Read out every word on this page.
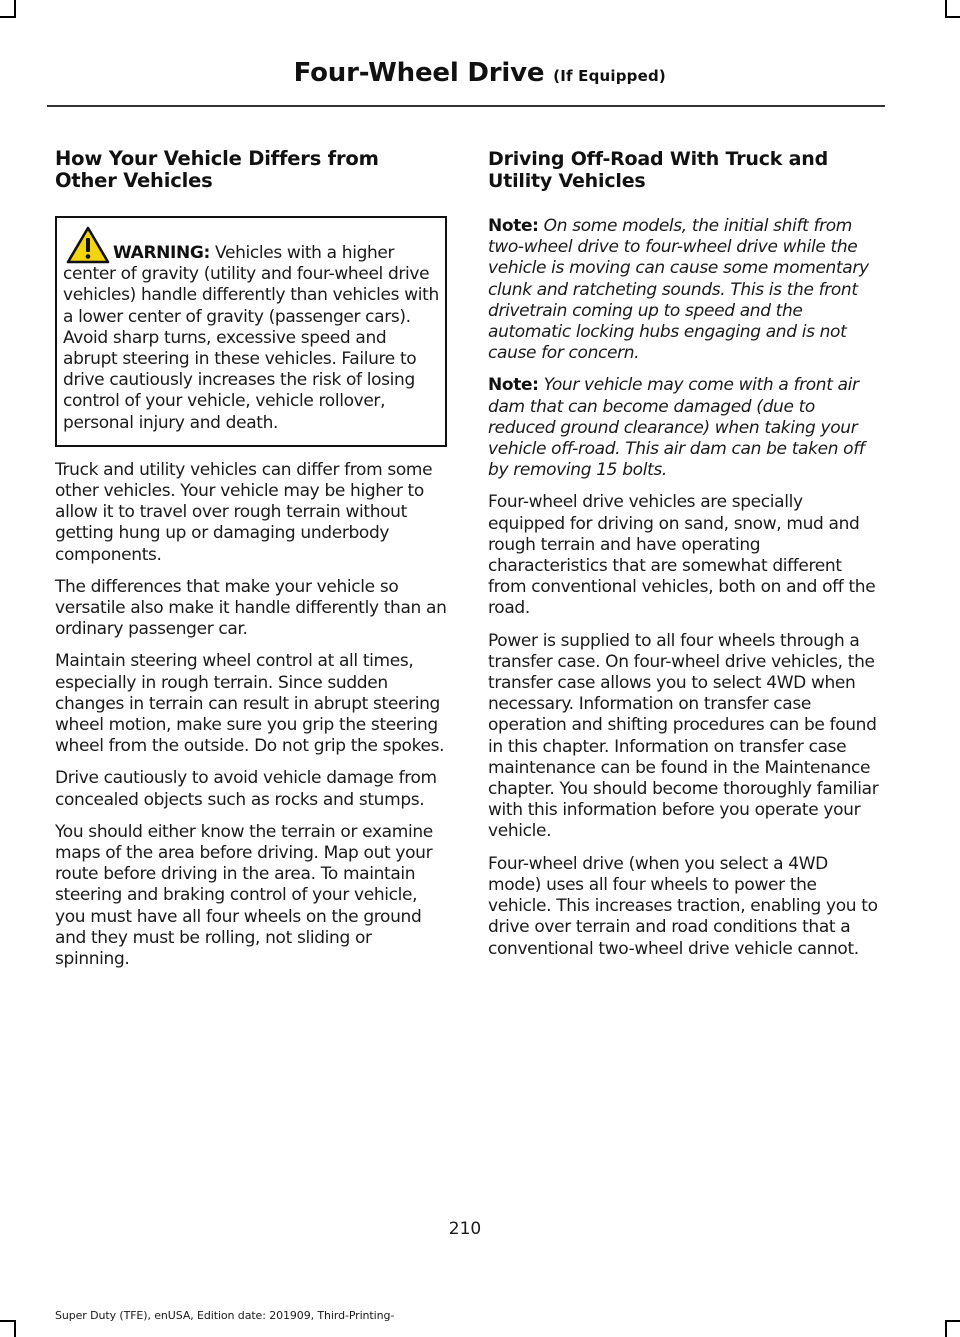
Four-Wheel Drive (If Equipped)
How Your Vehicle Differs from
Other Vehicles

WARNING: Vehicles with a higher center of gravity (utility and four-wheel drive vehicles) handle differently than vehicles with a lower center of gravity (passenger cars). Avoid sharp turns, excessive speed and abrupt steering in these vehicles. Failure to drive cautiously increases the risk of losing control of your vehicle, vehicle rollover, personal injury and death.

Truck and utility vehicles can differ from some other vehicles. Your vehicle may be higher to allow it to travel over rough terrain without getting hung up or damaging underbody components.

The differences that make your vehicle so versatile also make it handle differently than an ordinary passenger car.

Maintain steering wheel control at all times, especially in rough terrain. Since sudden changes in terrain can result in abrupt steering wheel motion, make sure you grip the steering wheel from the outside. Do not grip the spokes.

Drive cautiously to avoid vehicle damage from concealed objects such as rocks and stumps.

You should either know the terrain or examine maps of the area before driving. Map out your route before driving in the area. To maintain steering and braking control of your vehicle, you must have all four wheels on the ground and they must be rolling, not sliding or spinning.

Driving Off-Road With Truck and
Utility Vehicles

Note: On some models, the initial shift from two-wheel drive to four-wheel drive while the vehicle is moving can cause some momentary clunk and ratcheting sounds. This is the front drivetrain coming up to speed and the automatic locking hubs engaging and is not cause for concern.

Note: Your vehicle may come with a front air dam that can become damaged (due to reduced ground clearance) when taking your vehicle off-road. This air dam can be taken off by removing 15 bolts.

Four-wheel drive vehicles are specially equipped for driving on sand, snow, mud and rough terrain and have operating characteristics that are somewhat different from conventional vehicles, both on and off the road.

Power is supplied to all four wheels through a transfer case. On four-wheel drive vehicles, the transfer case allows you to select 4WD when necessary. Information on transfer case operation and shifting procedures can be found in this chapter. Information on transfer case maintenance can be found in the Maintenance chapter. You should become thoroughly familiar with this information before you operate your vehicle.

Four-wheel drive (when you select a 4WD mode) uses all four wheels to power the vehicle. This increases traction, enabling you to drive over terrain and road conditions that a conventional two-wheel drive vehicle cannot.

210
Super Duty (TFE), enUSA, Edition date: 201909, Third-Printing-
